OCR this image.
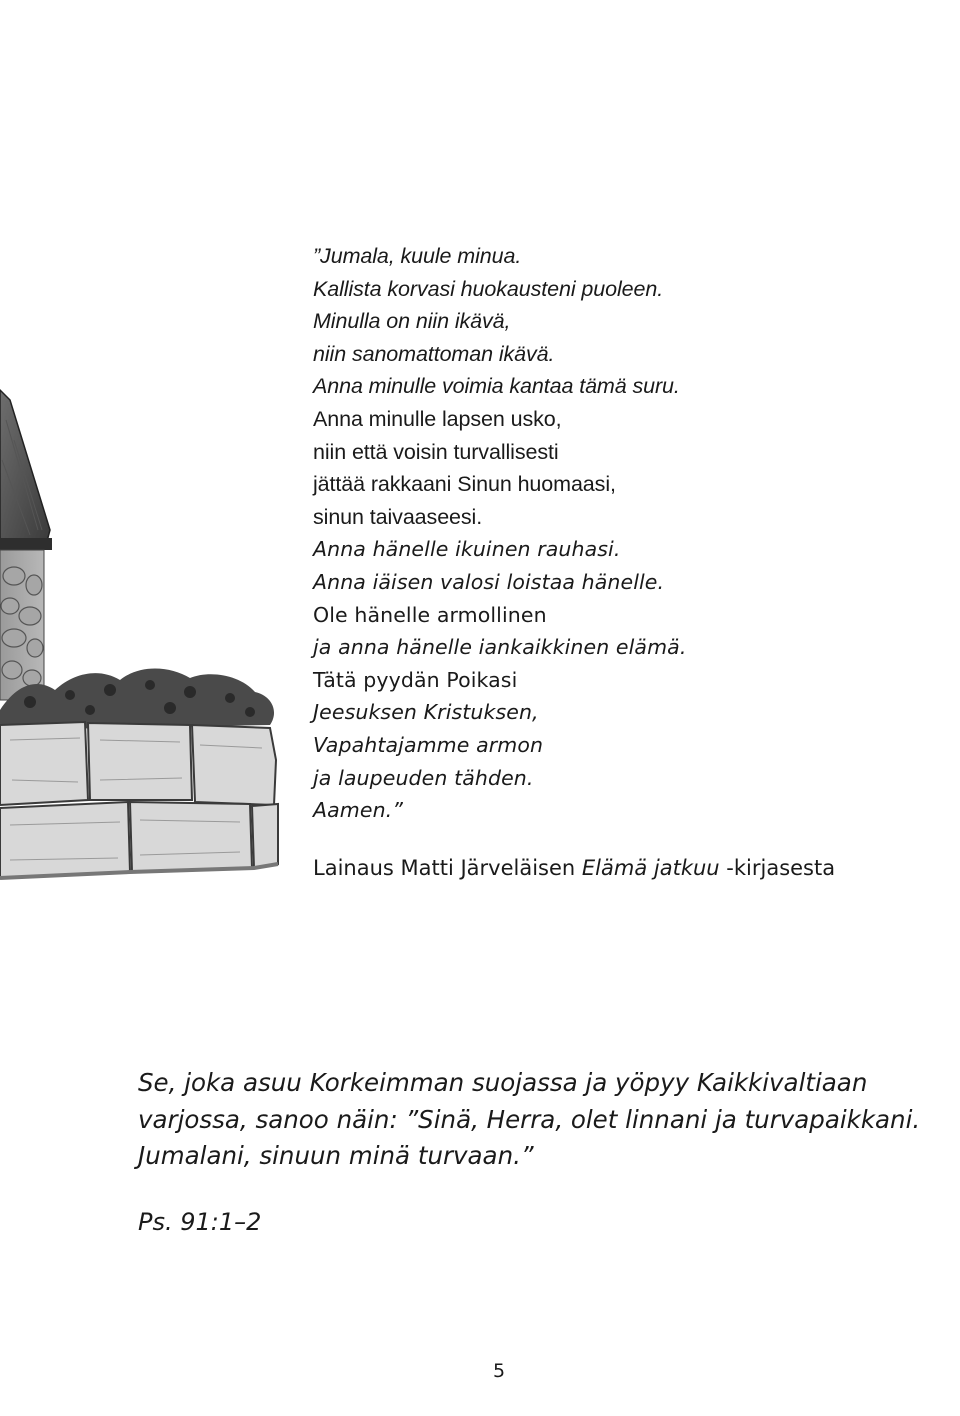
”Jumala, kuule minua.
Kallista korvasi huokausteni puoleen.
Minulla on niin ikävä,
niin sanomattoman ikävä.
Anna minulle voimia kantaa tämä suru.
Anna minulle lapsen usko,
niin että voisin turvallisesti
jättää rakkaani Sinun huomaasi,
sinun taivaaseesi.
Anna hänelle ikuinen rauhasi.
Anna iäisen valosi loistaa hänelle.
Ole hänelle armollinen
ja anna hänelle iankaikkinen elämä.
Tätä pyydän Poikasi
Jeesuksen Kristuksen,
Vapahtajamme armon
ja laupeuden tähden.
Aamen.”
Lainaus Matti Järveläisen Elämä jatkuu -kirjasesta
Se, joka asuu Korkeimman suojassa ja yöpyy Kaikkivaltiaan
varjossa, sanoo näin: ”Sinä, Herra, olet linnani ja turvapaikkani.
Jumalani, sinuun minä turvaan.”
Ps. 91:1–2
5
